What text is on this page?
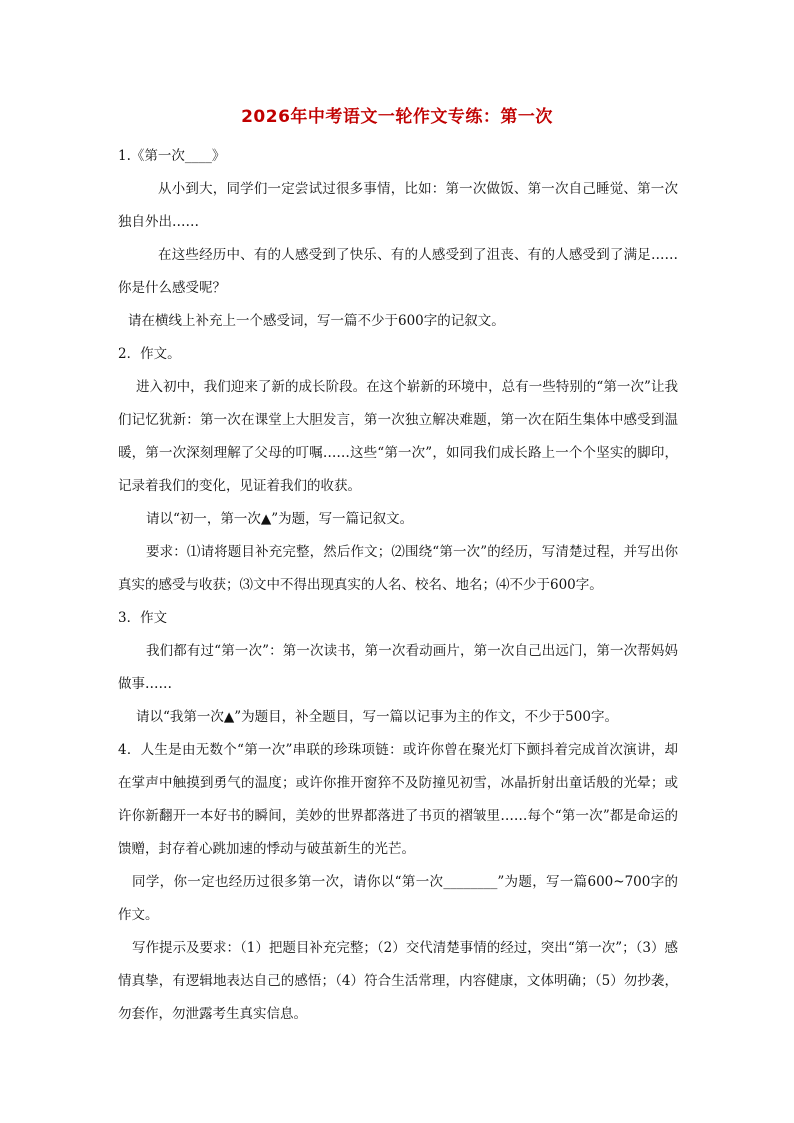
2026年中考语文一轮作文专练：第一次

1.《第一次____》

从小到大，同学们一定尝试过很多事情，比如：第一次做饭、第一次自己睡觉、第一次独自外出……

在这些经历中、有的人感受到了快乐、有的人感受到了沮丧、有的人感受到了满足……你是什么感受呢？

请在横线上补充上一个感受词，写一篇不少于600字的记叙文。

2．作文。

进入初中，我们迎来了新的成长阶段。在这个崭新的环境中，总有一些特别的“第一次”让我们记忆犹新：第一次在课堂上大胆发言，第一次独立解决难题，第一次在陌生集体中感受到温暖，第一次深刻理解了父母的叮嘱……这些“第一次”，如同我们成长路上一个个坚实的脚印，记录着我们的变化，见证着我们的收获。

请以“初一，第一次▲”为题，写一篇记叙文。

要求：⑴请将题目补充完整，然后作文；⑵围绕“第一次”的经历，写清楚过程，并写出你真实的感受与收获；⑶文中不得出现真实的人名、校名、地名；⑷不少于600字。

3．作文

我们都有过“第一次”：第一次读书，第一次看动画片，第一次自己出远门，第一次帮妈妈做事……

请以“我第一次▲”为题目，补全题目，写一篇以记事为主的作文，不少于500字。

4．人生是由无数个“第一次”串联的珍珠项链：或许你曾在聚光灯下颤抖着完成首次演讲，却在掌声中触摸到勇气的温度；或许你推开窗猝不及防撞见初雪，冰晶折射出童话般的光晕；或许你新翻开一本好书的瞬间，美妙的世界都落进了书页的褶皱里……每个“第一次”都是命运的馈赠，封存着心跳加速的悸动与破茧新生的光芒。

同学，你一定也经历过很多第一次，请你以“第一次________”为题，写一篇600~700字的作文。

写作提示及要求：（1）把题目补充完整；（2）交代清楚事情的经过，突出“第一次”；（3）感情真挚，有逻辑地表达自己的感悟；（4）符合生活常理，内容健康，文体明确；（5）勿抄袭，勿套作，勿泄露考生真实信息。
